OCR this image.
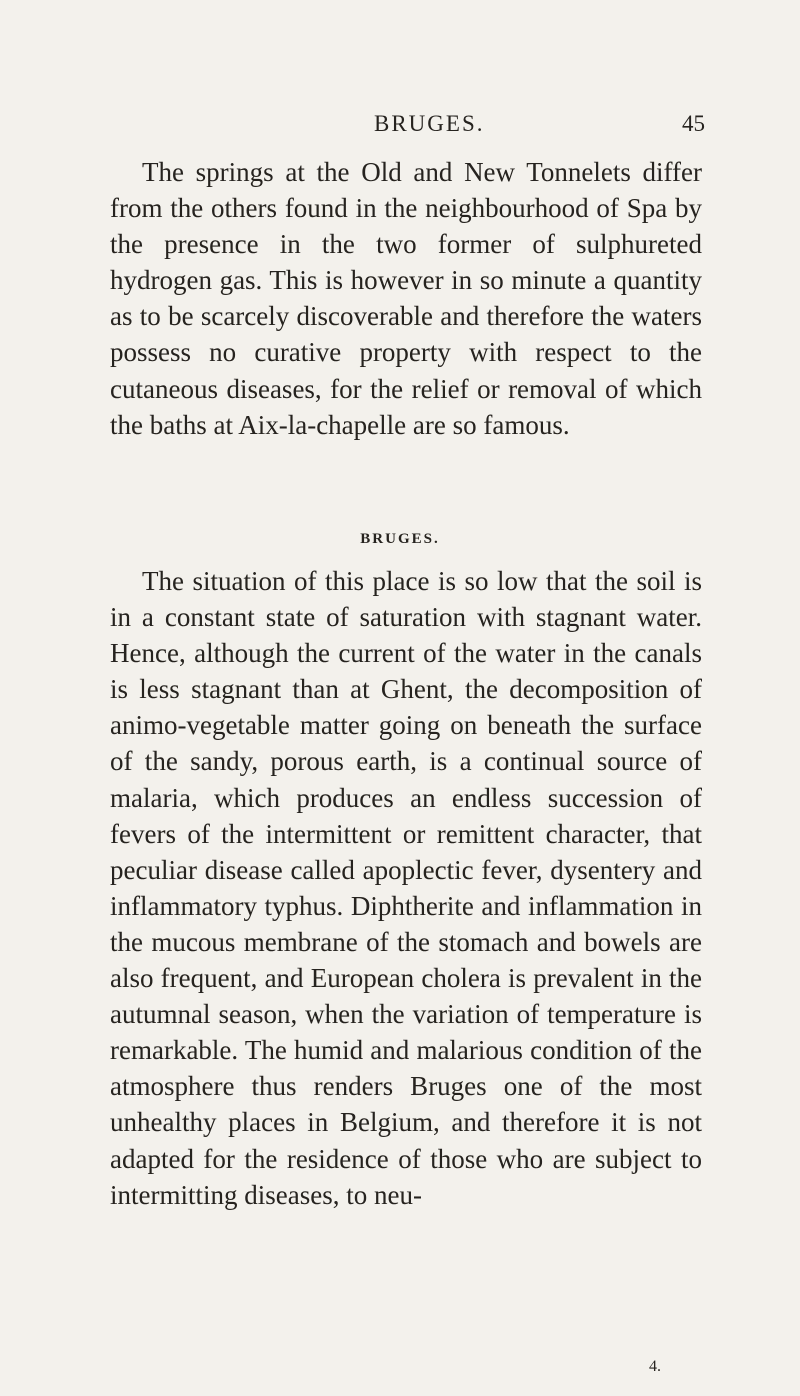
BRUGES.	45

The springs at the Old and New Tonnelets differ from the others found in the neighbourhood of Spa by the presence in the two former of sulphureted hydrogen gas. This is however in so minute a quantity as to be scarcely discoverable and therefore the waters possess no curative property with respect to the cutaneous diseases, for the relief or removal of which the baths at Aix-la-chapelle are so famous.

BRUGES.

The situation of this place is so low that the soil is in a constant state of saturation with stagnant water. Hence, although the current of the water in the canals is less stagnant than at Ghent, the decomposition of animo-vegetable matter going on beneath the surface of the sandy, porous earth, is a continual source of malaria, which produces an endless succession of fevers of the intermittent or remittent character, that peculiar disease called apoplectic fever, dysentery and inflammatory typhus. Diphtherite and inflammation in the mucous membrane of the stomach and bowels are also frequent, and European cholera is prevalent in the autumnal season, when the variation of temperature is remarkable. The humid and malarious condition of the atmosphere thus renders Bruges one of the most unhealthy places in Belgium, and therefore it is not adapted for the residence of those who are subject to intermitting diseases, to neu-

4.
